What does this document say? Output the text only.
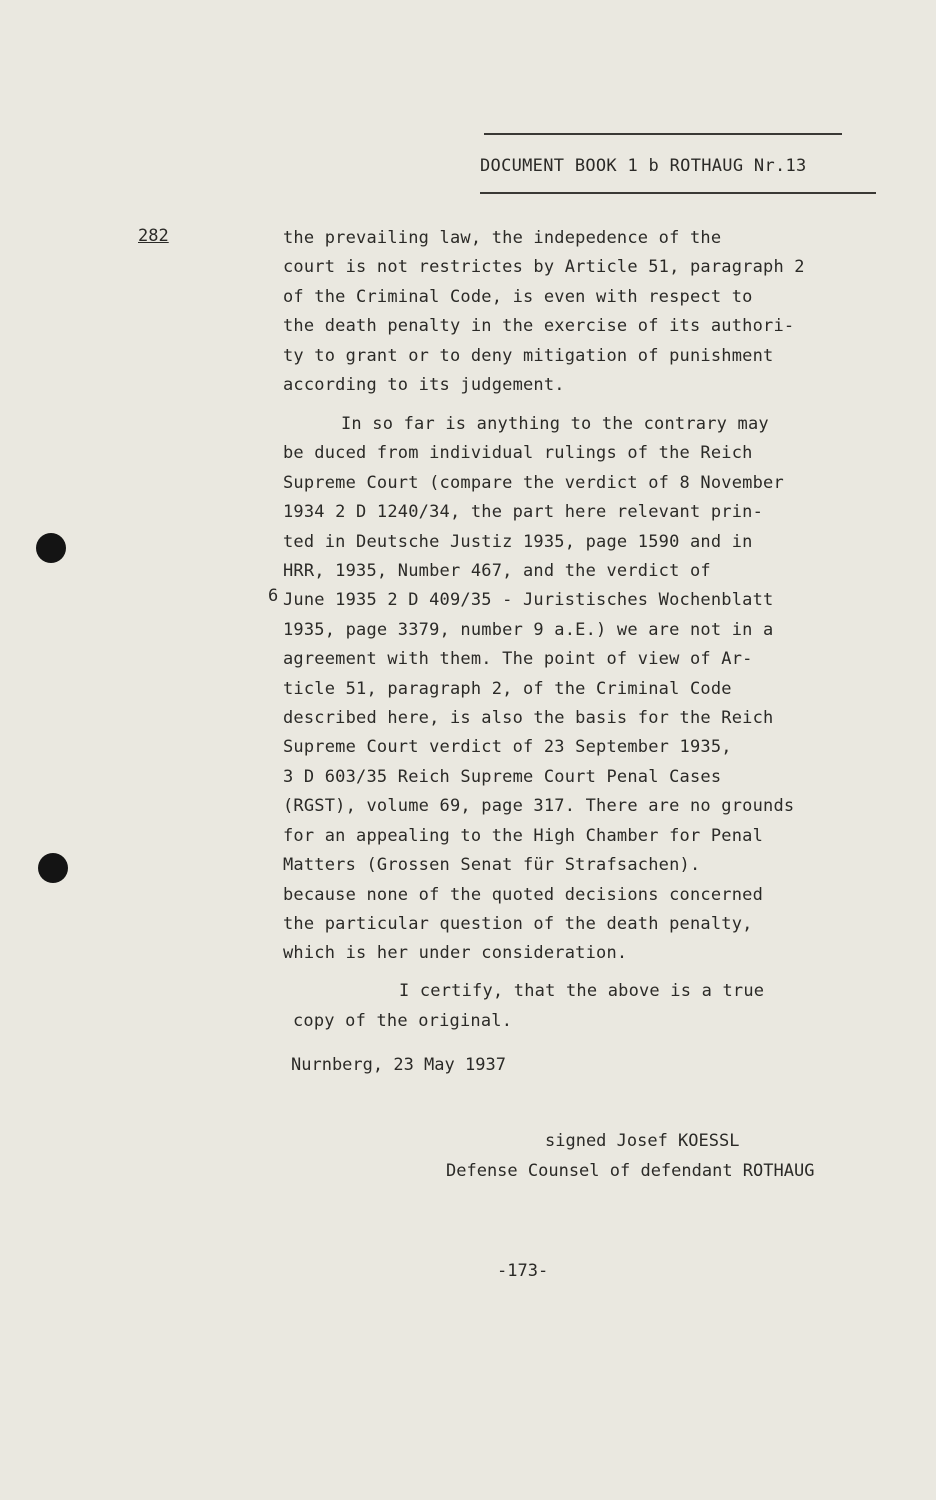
DOCUMENT BOOK 1 b ROTHAUG Nr.13
282
6
the prevailing law, the indepedence of the
court is not restrictes by Article 51, paragraph 2
of the Criminal Code, is even with respect to
the death penalty in the exercise of its authori-
ty to grant or to deny mitigation of punishment
according to its judgement.
In so far is anything to the contrary may
be duced from individual rulings of the Reich
Supreme Court (compare the verdict of 8 November
1934 2 D 1240/34, the part here relevant prin-
ted in Deutsche Justiz 1935, page 1590 and in
HRR, 1935, Number 467, and the verdict of
June 1935 2 D 409/35 - Juristisches Wochenblatt
1935, page 3379, number 9 a.E.) we are not in a
agreement with them. The point of view of Ar-
ticle 51, paragraph 2, of the Criminal Code
described here, is also the basis for the Reich
Supreme Court verdict of 23 September 1935,
3 D 603/35 Reich Supreme Court Penal Cases
(RGST), volume 69, page 317. There are no grounds
for an appealing to the High Chamber for Penal
Matters (Grossen Senat für Strafsachen).
because none of the quoted decisions concerned
the particular question of the death penalty,
which is her under consideration.
I certify, that the above is a true
copy of the original.
Nurnberg, 23 May 1937
signed Josef KOESSL
Defense Counsel of defendant ROTHAUG
-173-
